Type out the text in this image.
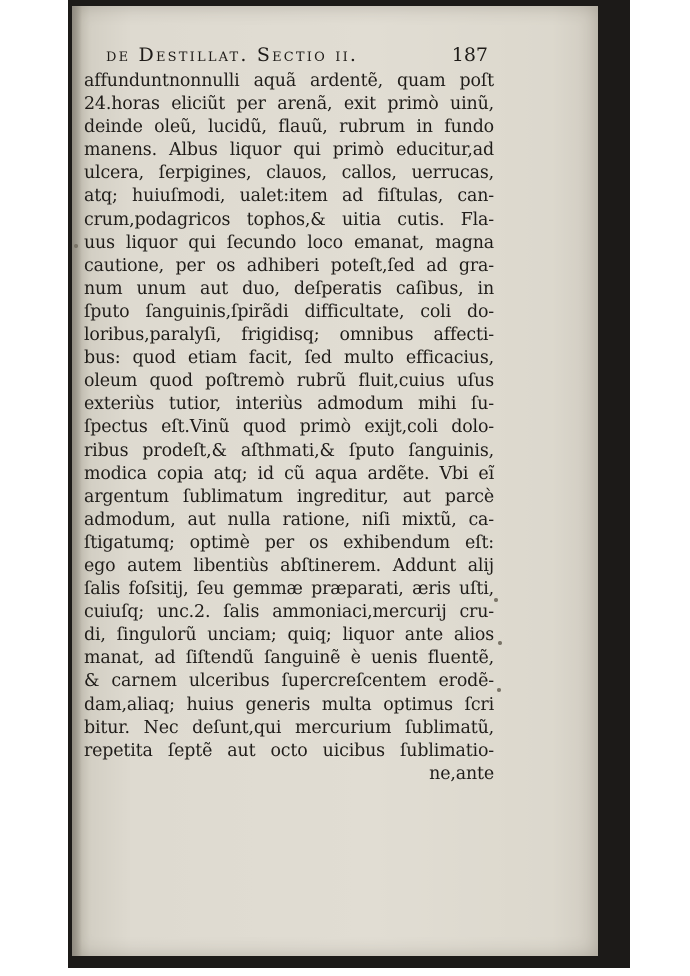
de Destillat. Sectio ii.	187
affunduntnonnulli aquã ardentẽ, quam poſt
24.horas eliciũt per arenã, exit primò uinũ,
deinde oleũ, lucidũ, flauũ, rubrum in fundo
manens. Albus liquor qui primò educitur,ad
ulcera, ſerpigines, clauos, callos, uerrucas,
atq; huiuſmodi, ualet:item ad fiſtulas, can-
crum,podagricos tophos,& uitia cutis. Fla-
uus liquor qui ſecundo loco emanat, magna
cautione, per os adhiberi poteſt,ſed ad gra-
num unum aut duo, deſperatis caſibus, in
ſputo ſanguinis,ſpirãdi difficultate, coli do-
loribus,paralyſi, frigidisq; omnibus affecti-
bus: quod etiam facit, ſed multo efficacius,
oleum quod poſtremò rubrũ fluit,cuius uſus
exteriùs tutior, interiùs admodum mihi ſu-
ſpectus eſt.Vinũ quod primò exijt,coli dolo-
ribus prodeſt,& aſthmati,& ſputo ſanguinis,
modica copia atq; id cũ aqua ardẽte. Vbi eĩ
argentum ſublimatum ingreditur, aut parcè
admodum, aut nulla ratione, niſi mixtũ, ca-
ſtigatumq; optimè per os exhibendum eſt:
ego autem libentiùs abſtinerem. Addunt alij
ſalis foſsitij, ſeu gemmæ præparati, æris uſti,
cuiuſq; unc.2. ſalis ammoniaci,mercurij cru-
di, ſingulorũ unciam; quiq; liquor ante alios
manat, ad ſiſtendũ ſanguinẽ è uenis fluentẽ,
& carnem ulceribus ſupercreſcentem erodẽ-
dam,aliaq; huius generis multa optimus ſcri
bitur. Nec deſunt,qui mercurium ſublimatũ,
repetita ſeptẽ aut octo uicibus ſublimatio-
ne,ante
